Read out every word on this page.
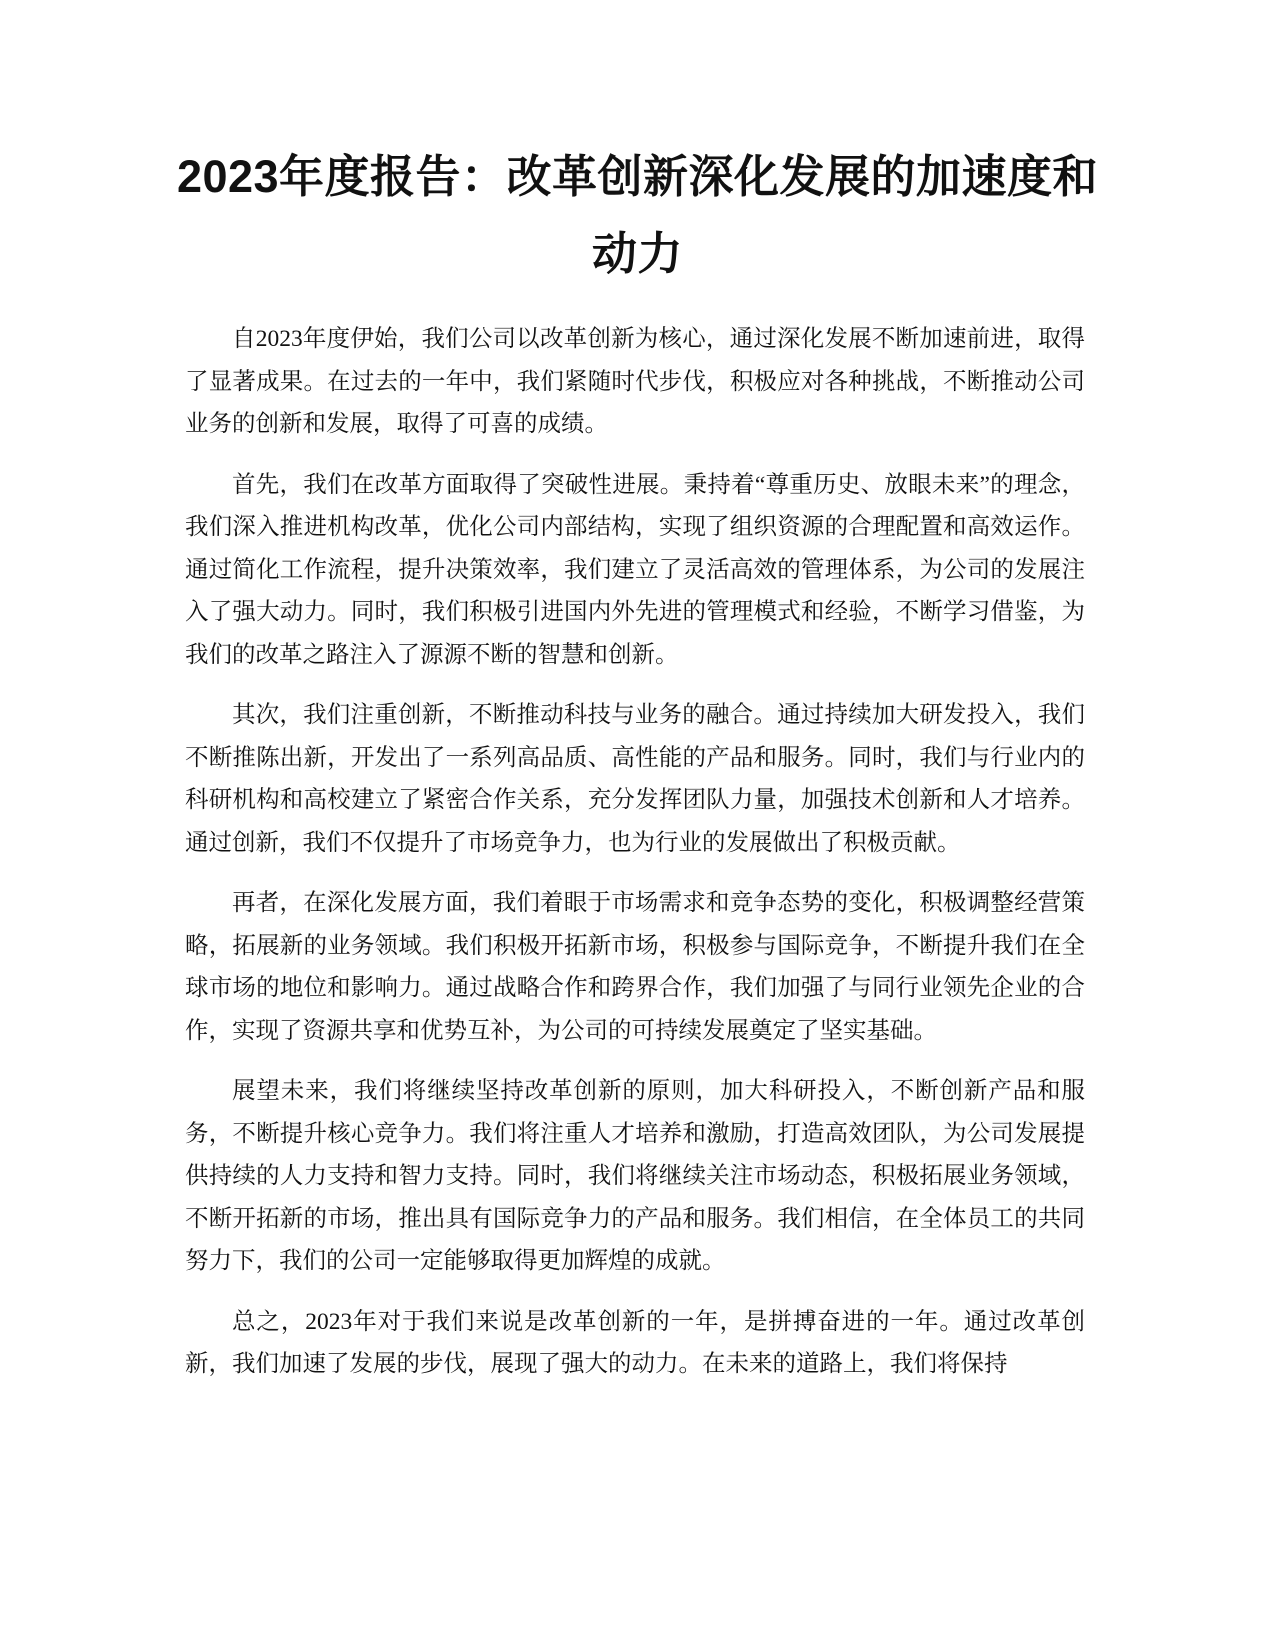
2023年度报告：改革创新深化发展的加速度和动力

自2023年度伊始，我们公司以改革创新为核心，通过深化发展不断加速前进，取得了显著成果。在过去的一年中，我们紧随时代步伐，积极应对各种挑战，不断推动公司业务的创新和发展，取得了可喜的成绩。

首先，我们在改革方面取得了突破性进展。秉持着“尊重历史、放眼未来”的理念，我们深入推进机构改革，优化公司内部结构，实现了组织资源的合理配置和高效运作。通过简化工作流程，提升决策效率，我们建立了灵活高效的管理体系，为公司的发展注入了强大动力。同时，我们积极引进国内外先进的管理模式和经验，不断学习借鉴，为我们的改革之路注入了源源不断的智慧和创新。

其次，我们注重创新，不断推动科技与业务的融合。通过持续加大研发投入，我们不断推陈出新，开发出了一系列高品质、高性能的产品和服务。同时，我们与行业内的科研机构和高校建立了紧密合作关系，充分发挥团队力量，加强技术创新和人才培养。通过创新，我们不仅提升了市场竞争力，也为行业的发展做出了积极贡献。

再者，在深化发展方面，我们着眼于市场需求和竞争态势的变化，积极调整经营策略，拓展新的业务领域。我们积极开拓新市场，积极参与国际竞争，不断提升我们在全球市场的地位和影响力。通过战略合作和跨界合作，我们加强了与同行业领先企业的合作，实现了资源共享和优势互补，为公司的可持续发展奠定了坚实基础。

展望未来，我们将继续坚持改革创新的原则，加大科研投入，不断创新产品和服务，不断提升核心竞争力。我们将注重人才培养和激励，打造高效团队，为公司发展提供持续的人力支持和智力支持。同时，我们将继续关注市场动态，积极拓展业务领域，不断开拓新的市场，推出具有国际竞争力的产品和服务。我们相信，在全体员工的共同努力下，我们的公司一定能够取得更加辉煌的成就。

总之，2023年对于我们来说是改革创新的一年，是拼搏奋进的一年。通过改革创新，我们加速了发展的步伐，展现了强大的动力。在未来的道路上，我们将保持
